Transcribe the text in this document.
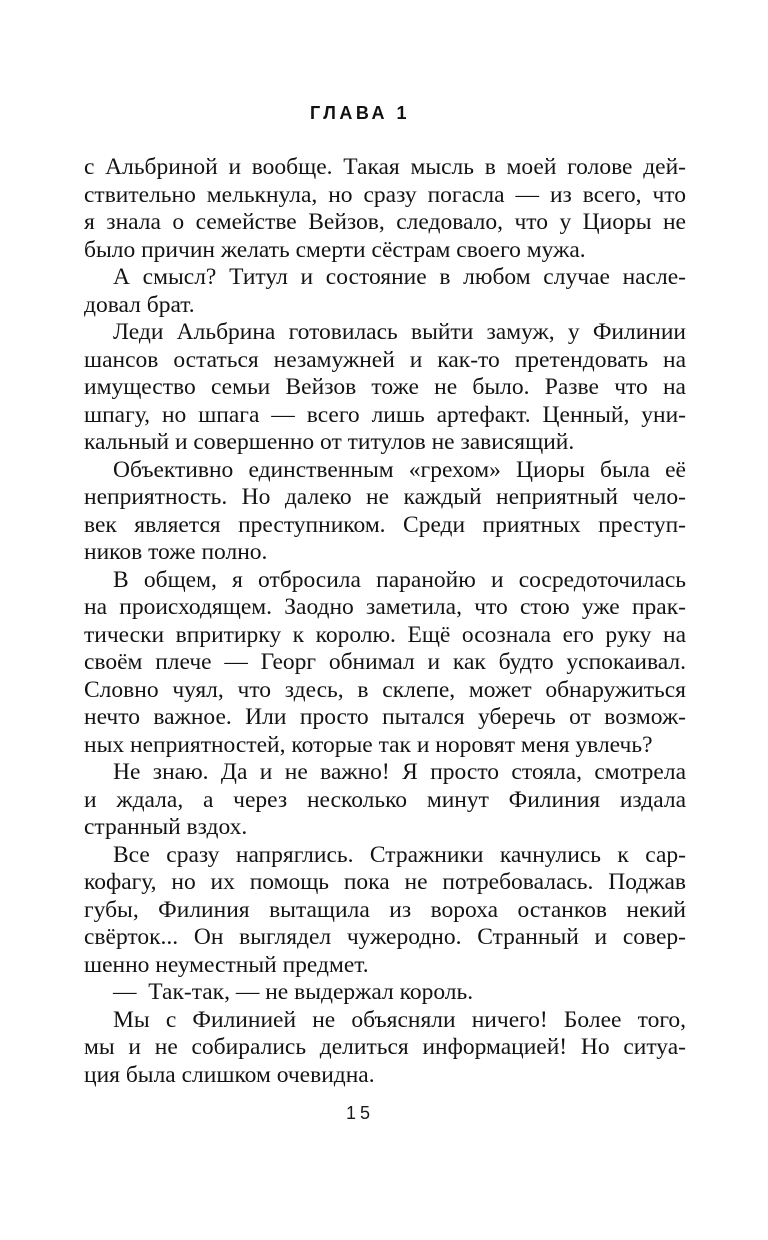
ГЛАВА 1
с Альбриной и вообще. Такая мысль в моей голове дей-
ствительно мелькнула, но сразу погасла — из всего, что
я знала о семействе Вейзов, следовало, что у Циоры не
было причин желать смерти сёстрам своего мужа.
А смысл? Титул и состояние в любом случае насле-
довал брат.
Леди Альбрина готовилась выйти замуж, у Филинии
шансов остаться незамужней и как-то претендовать на
имущество семьи Вейзов тоже не было. Разве что на
шпагу, но шпага — всего лишь артефакт. Ценный, уни-
кальный и совершенно от титулов не зависящий.
Объективно единственным «грехом» Циоры была её
неприятность. Но далеко не каждый неприятный чело-
век является преступником. Среди приятных преступ-
ников тоже полно.
В общем, я отбросила паранойю и сосредоточилась
на происходящем. Заодно заметила, что стою уже прак-
тически впритирку к королю. Ещё осознала его руку на
своём плече — Георг обнимал и как будто успокаивал.
Словно чуял, что здесь, в склепе, может обнаружиться
нечто важное. Или просто пытался уберечь от возмож-
ных неприятностей, которые так и норовят меня увлечь?
Не знаю. Да и не важно! Я просто стояла, смотрела
и ждала, а через несколько минут Филиния издала
странный вздох.
Все сразу напряглись. Стражники качнулись к сар-
кофагу, но их помощь пока не потребовалась. Поджав
губы, Филиния вытащила из вороха останков некий
свёрток... Он выглядел чужеродно. Странный и совер-
шенно неуместный предмет.
— Так-так, — не выдержал король.
Мы с Филинией не объясняли ничего! Более того,
мы и не собирались делиться информацией! Но ситуа-
ция была слишком очевидна.
15
